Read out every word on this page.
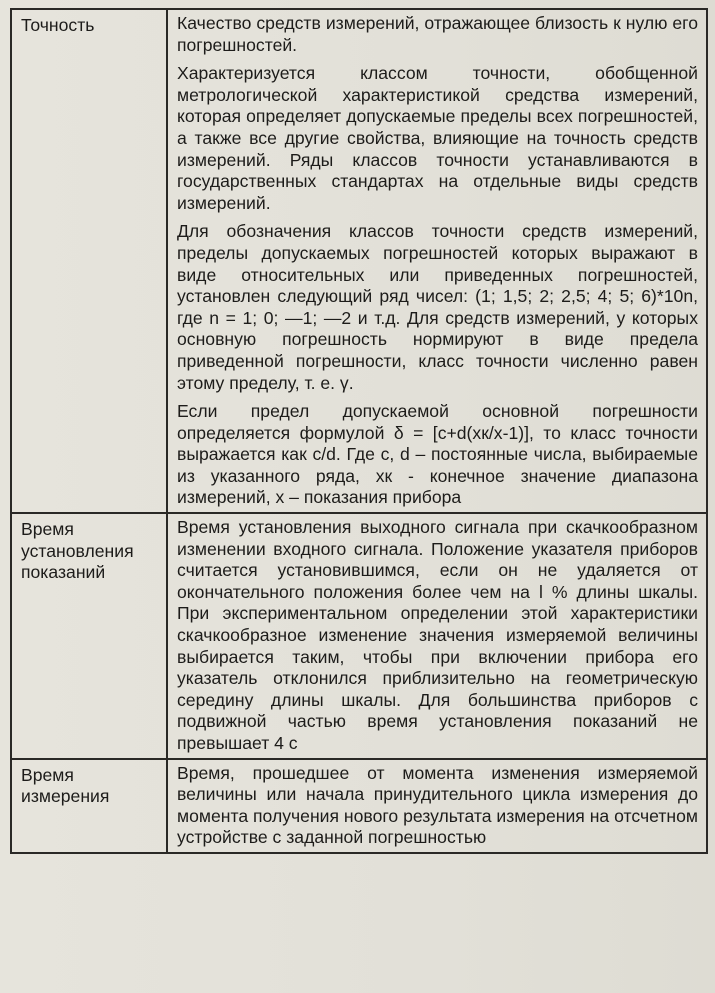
Точность	Качество средств измерений, отражающее близость к нулю его погрешностей.

Характеризуется классом точности, обобщенной метрологической характеристикой средства измерений, которая определяет допускаемые пределы всех погрешностей, а также все другие свойства, влияющие на точность средств измерений. Ряды классов точности устанавливаются в государственных стандартах на отдельные виды средств измерений.

Для обозначения классов точности средств измерений, пределы допускаемых погрешностей которых выражают в виде относительных или приведенных погрешностей, установлен следующий ряд чисел: (1; 1,5; 2; 2,5; 4; 5; 6)*10n, где n = 1; 0; —1; —2 и т.д. Для средств измерений, у которых основную погрешность нормируют в виде предела приведенной погрешности, класс точности численно равен этому пределу, т. е. γ.

Если предел допускаемой основной погрешности определяется формулой δ = [c+d(xк/x-1)], то класс точности выражается как c/d. Где c, d – постоянные числа, выбираемые из указанного ряда, xк - конечное значение диапазона измерений, x – показания прибора

Время установления показаний	Время установления выходного сигнала при скачкообразном изменении входного сигнала. Положение указателя приборов считается установившимся, если он не удаляется от окончательного положения более чем на l % длины шкалы. При экспериментальном определении этой характеристики скачкообразное изменение значения измеряемой величины выбирается таким, чтобы при включении прибора его указатель отклонился приблизительно на геометрическую середину длины шкалы. Для большинства приборов с подвижной частью время установления показаний не превышает 4 с

Время измерения	Время, прошедшее от момента изменения измеряемой величины или начала принудительного цикла измерения до момента получения нового результата измерения на отсчетном устройстве с заданной погрешностью
